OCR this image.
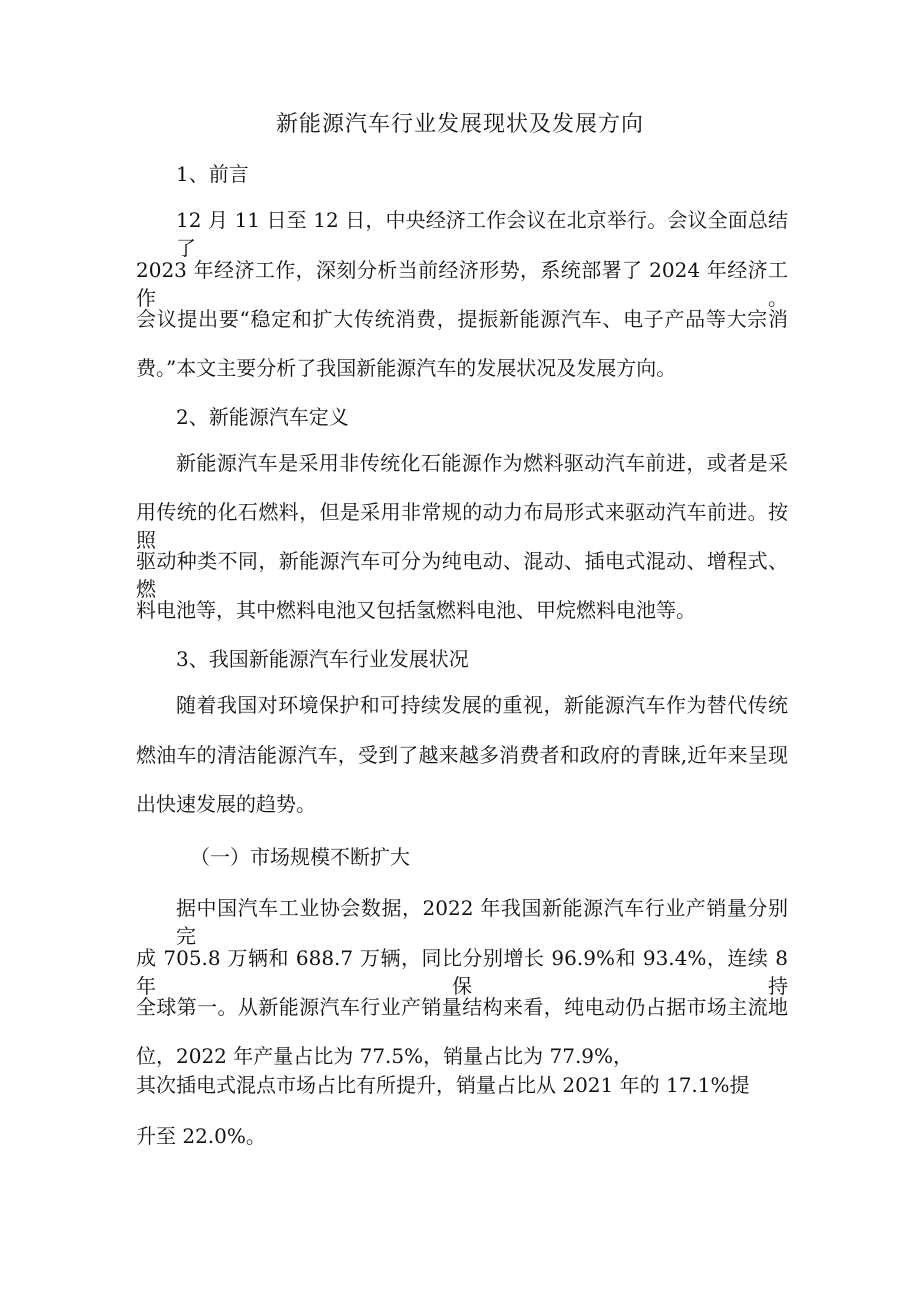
新能源汽车行业发展现状及发展方向
1、前言
12 月 11 日至 12 日，中央经济工作会议在北京举行。会议全面总结了
2023 年经济工作，深刻分析当前经济形势，系统部署了 2024 年经济工作。
会议提出要“稳定和扩大传统消费，提振新能源汽车、电子产品等大宗消
费。”本文主要分析了我国新能源汽车的发展状况及发展方向。
2、新能源汽车定义
新能源汽车是采用非传统化石能源作为燃料驱动汽车前进，或者是采
用传统的化石燃料，但是采用非常规的动力布局形式来驱动汽车前进。按照
驱动种类不同，新能源汽车可分为纯电动、混动、插电式混动、增程式、燃
料电池等，其中燃料电池又包括氢燃料电池、甲烷燃料电池等。
3、我国新能源汽车行业发展状况
随着我国对环境保护和可持续发展的重视，新能源汽车作为替代传统
燃油车的清洁能源汽车，受到了越来越多消费者和政府的青睐,近年来呈现
出快速发展的趋势。
（一）市场规模不断扩大
据中国汽车工业协会数据，2022 年我国新能源汽车行业产销量分别完
成 705.8 万辆和 688.7 万辆，同比分别增长 96.9%和 93.4%，连续 8 年保持
全球第一。从新能源汽车行业产销量结构来看，纯电动仍占据市场主流地
位，2022 年产量占比为 77.5%，销量占比为 77.9%，
其次插电式混点市场占比有所提升，销量占比从 2021 年的 17.1%提
升至 22.0%。
